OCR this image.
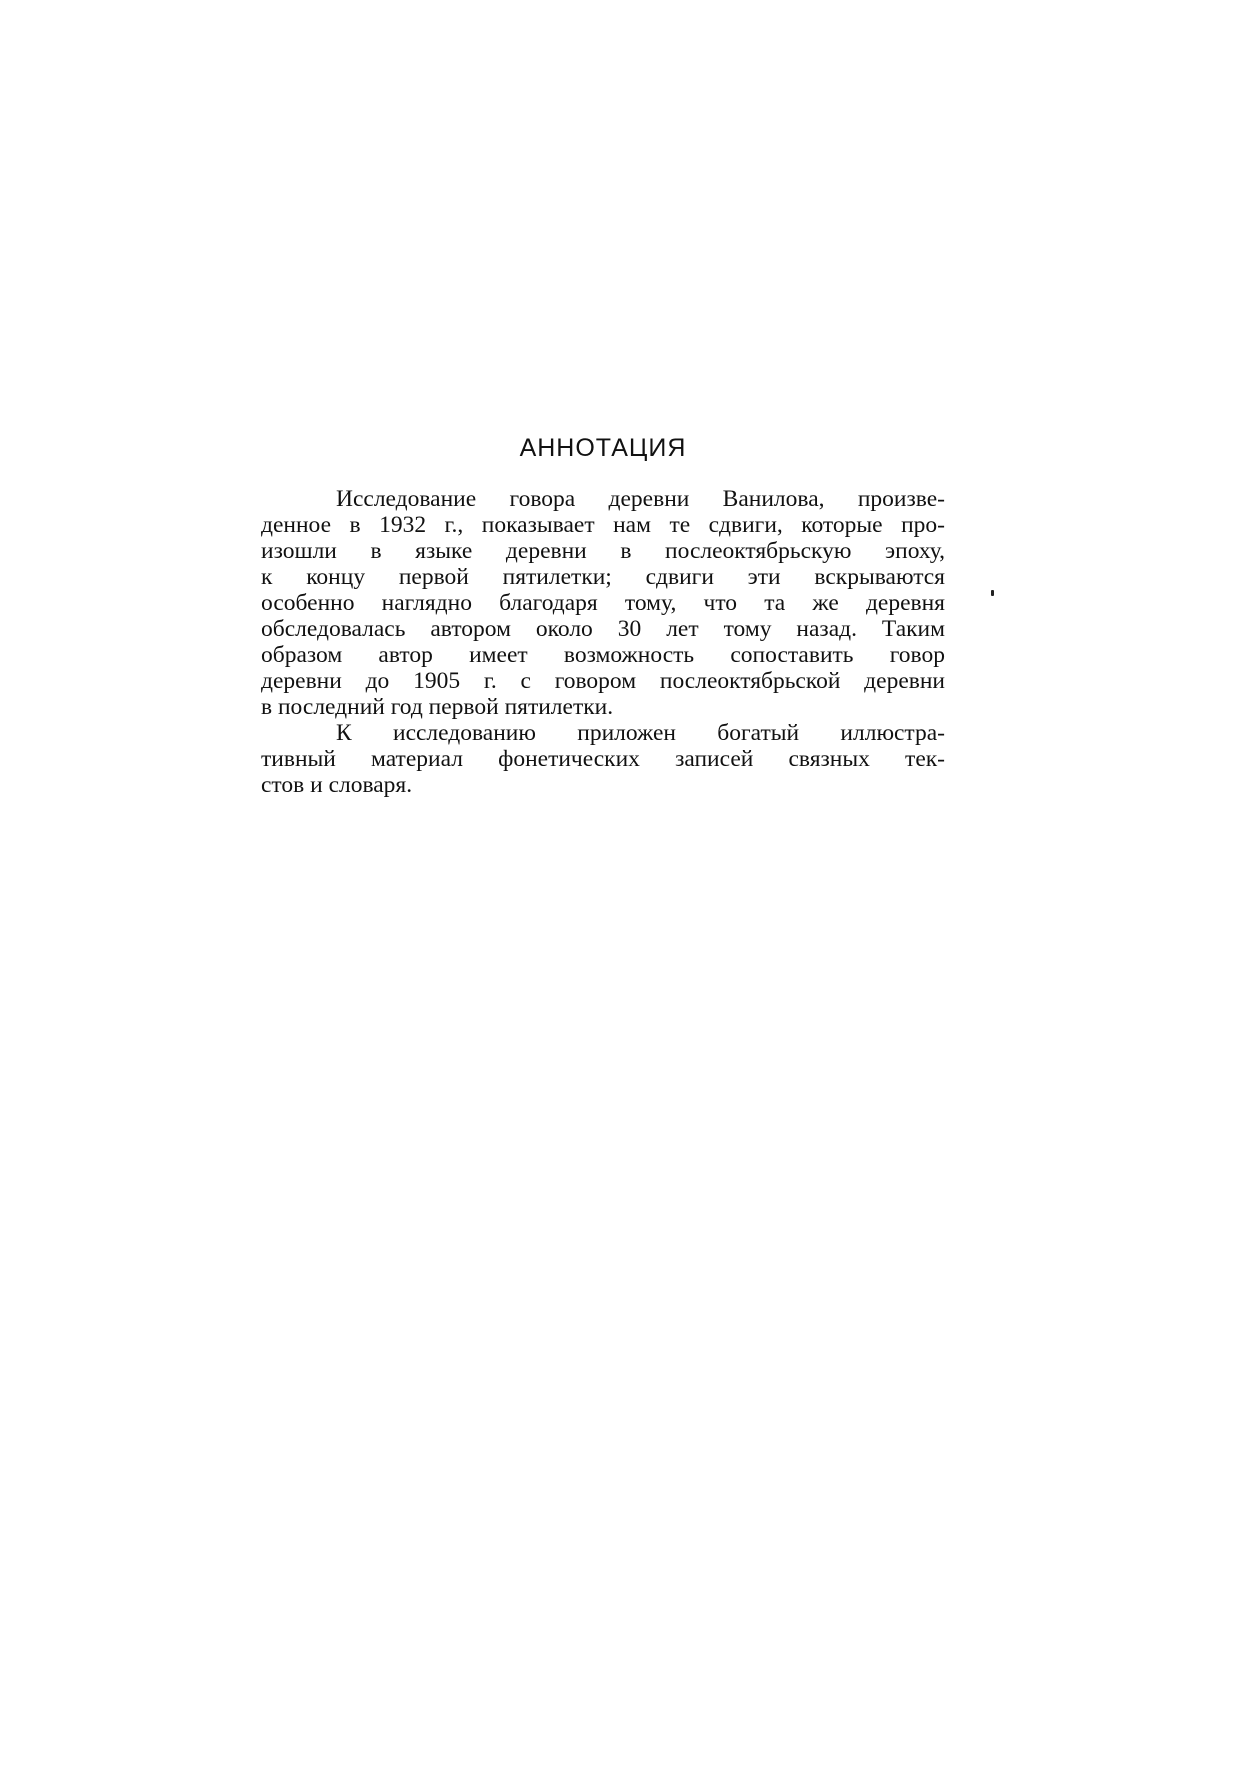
АННОТАЦИЯ

Исследование говора деревни Ванилова, произве-
денное в 1932 г., показывает нам те сдвиги, которые про-
изошли в языке деревни в послеоктябрьскую эпоху,
к концу первой пятилетки; сдвиги эти вскрываются
особенно наглядно благодаря тому, что та же деревня
обследовалась автором около 30 лет тому назад. Таким
образом автор имеет возможность сопоставить говор
деревни до 1905 г. с говором послеоктябрьской деревни
в последний год первой пятилетки.

К исследованию приложен богатый иллюстра-
тивный материал фонетических записей связных тек-
стов и словаря.
